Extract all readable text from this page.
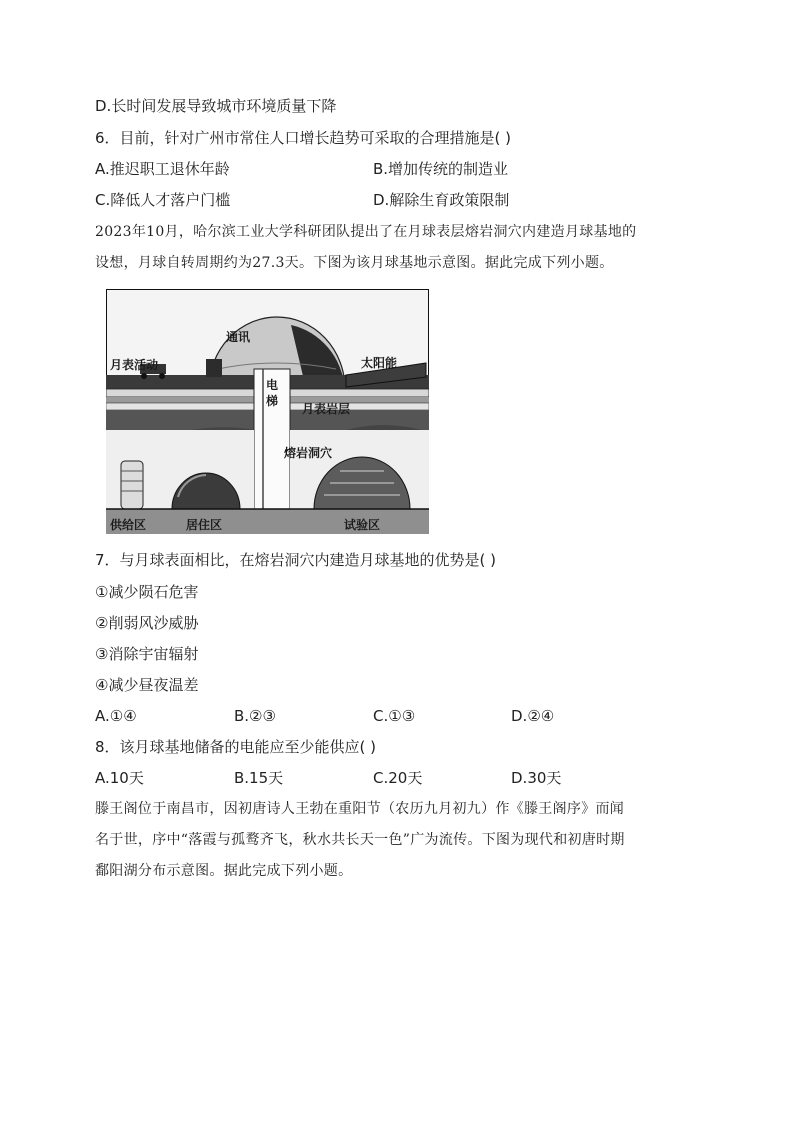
D.长时间发展导致城市环境质量下降
6．目前，针对广州市常住人口增长趋势可采取的合理措施是( )
A.推迟职工退休年龄	B.增加传统的制造业
C.降低人才落户门槛	D.解除生育政策限制
2023年10月，哈尔滨工业大学科研团队提出了在月球表层熔岩洞穴内建造月球基地的
设想，月球自转周期约为27.3天。下图为该月球基地示意图。据此完成下列小题。
通讯
月表活动	太阳能
电
梯
月表岩层
熔岩洞穴
供给区	居住区	试验区
7．与月球表面相比，在熔岩洞穴内建造月球基地的优势是( )
①减少陨石危害
②削弱风沙威胁
③消除宇宙辐射
④减少昼夜温差
A.①④	B.②③	C.①③	D.②④
8．该月球基地储备的电能应至少能供应( )
A.10天	B.15天	C.20天	D.30天
滕王阁位于南昌市，因初唐诗人王勃在重阳节（农历九月初九）作《滕王阁序》而闻
名于世，序中“落霞与孤鹜齐飞，秋水共长天一色”广为流传。下图为现代和初唐时期
鄱阳湖分布示意图。据此完成下列小题。
